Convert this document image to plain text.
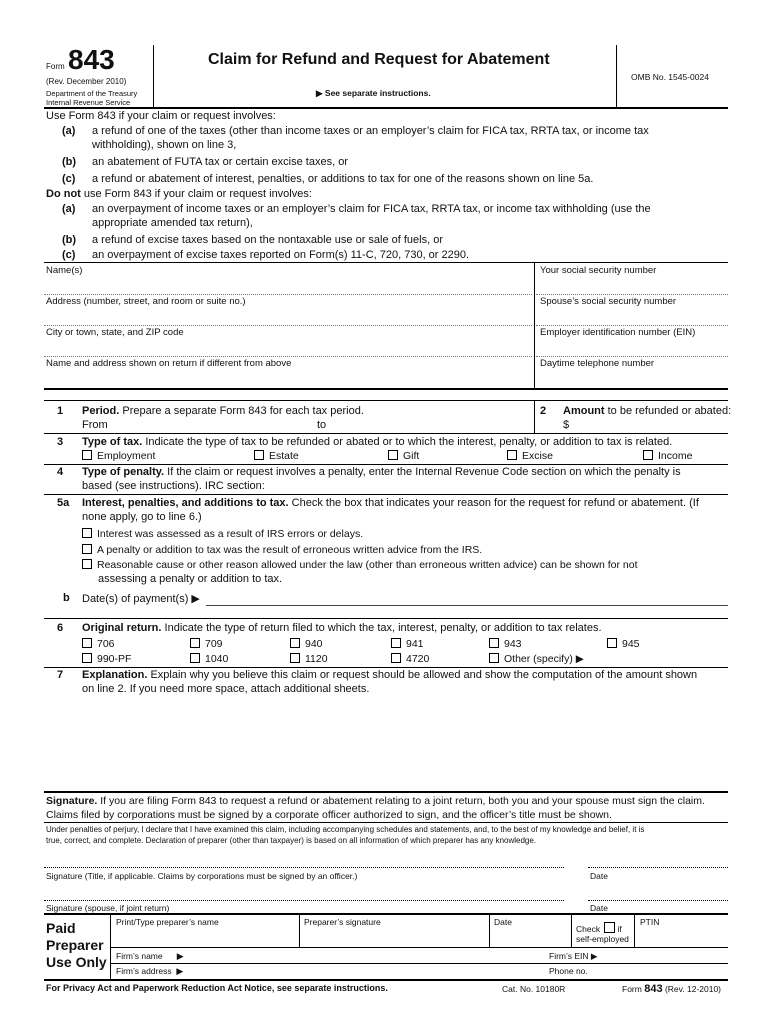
Form 843
(Rev. December 2010)
Department of the Treasury
Internal Revenue Service
Claim for Refund and Request for Abatement
▶ See separate instructions.
OMB No. 1545-0024
Use Form 843 if your claim or request involves:
(a) a refund of one of the taxes (other than income taxes or an employer’s claim for FICA tax, RRTA tax, or income tax
withholding), shown on line 3,
(b) an abatement of FUTA tax or certain excise taxes, or
(c) a refund or abatement of interest, penalties, or additions to tax for one of the reasons shown on line 5a.
Do not use Form 843 if your claim or request involves:
(a) an overpayment of income taxes or an employer’s claim for FICA tax, RRTA tax, or income tax withholding (use the
appropriate amended tax return),
(b) a refund of excise taxes based on the nontaxable use or sale of fuels, or
(c) an overpayment of excise taxes reported on Form(s) 11-C, 720, 730, or 2290.
Name(s)	Your social security number
Address (number, street, and room or suite no.)	Spouse’s social security number
City or town, state, and ZIP code	Employer identification number (EIN)
Name and address shown on return if different from above	Daytime telephone number
1 Period. Prepare a separate Form 843 for each tax period.
From	to
2 Amount to be refunded or abated:
$
3 Type of tax. Indicate the type of tax to be refunded or abated or to which the interest, penalty, or addition to tax is related.
Employment	Estate	Gift	Excise	Income
4 Type of penalty. If the claim or request involves a penalty, enter the Internal Revenue Code section on which the penalty is
based (see instructions). IRC section:
5a Interest, penalties, and additions to tax. Check the box that indicates your reason for the request for refund or abatement. (If
none apply, go to line 6.)
Interest was assessed as a result of IRS errors or delays.
A penalty or addition to tax was the result of erroneous written advice from the IRS.
Reasonable cause or other reason allowed under the law (other than erroneous written advice) can be shown for not
assessing a penalty or addition to tax.
b Date(s) of payment(s) ▶
6 Original return. Indicate the type of return filed to which the tax, interest, penalty, or addition to tax relates.
706	709	940	941	943	945
990-PF	1040	1120	4720	Other (specify) ▶
7 Explanation. Explain why you believe this claim or request should be allowed and show the computation of the amount shown
on line 2. If you need more space, attach additional sheets.
Signature. If you are filing Form 843 to request a refund or abatement relating to a joint return, both you and your spouse must sign the claim.
Claims filed by corporations must be signed by a corporate officer authorized to sign, and the officer’s title must be shown.
Under penalties of perjury, I declare that I have examined this claim, including accompanying schedules and statements, and, to the best of my knowledge and belief, it is
true, correct, and complete. Declaration of preparer (other than taxpayer) is based on all information of which preparer has any knowledge.
Signature (Title, if applicable. Claims by corporations must be signed by an officer.)	Date
Signature (spouse, if joint return)	Date
Paid
Preparer
Use Only
Print/Type preparer’s name	Preparer’s signature	Date
Check if
self-employed
PTIN
Firm’s name ▶	Firm’s EIN ▶
Firm’s address ▶	Phone no.
For Privacy Act and Paperwork Reduction Act Notice, see separate instructions.	Cat. No. 10180R	Form 843 (Rev. 12-2010)
